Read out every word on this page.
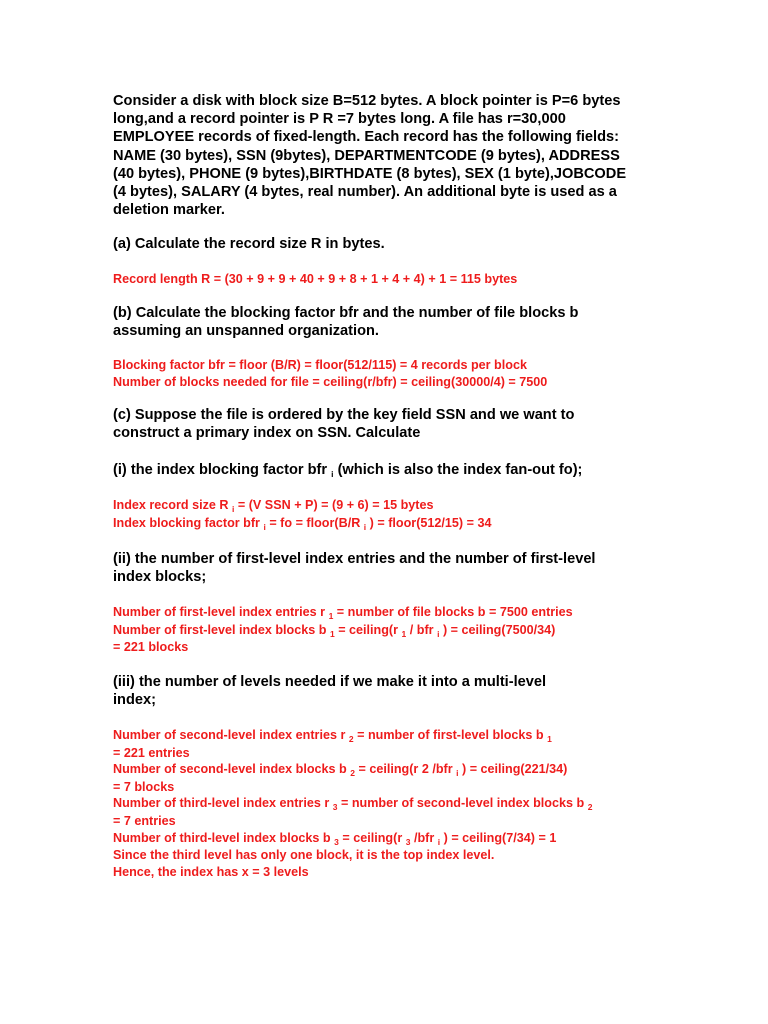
Consider a disk with block size B=512 bytes. A block pointer is P=6 bytes
long,and a record pointer is P R =7 bytes long. A file has r=30,000
EMPLOYEE records of fixed-length. Each record has the following fields:
NAME (30 bytes), SSN (9bytes), DEPARTMENTCODE (9 bytes), ADDRESS
(40 bytes), PHONE (9 bytes),BIRTHDATE (8 bytes), SEX (1 byte),JOBCODE
(4 bytes), SALARY (4 bytes, real number). An additional byte is used as a
deletion marker.
(a) Calculate the record size R in bytes.
Record length R = (30 + 9 + 9 + 40 + 9 + 8 + 1 + 4 + 4) + 1 = 115 bytes
(b) Calculate the blocking factor bfr and the number of file blocks b
assuming an unspanned organization.
Blocking factor bfr = floor (B/R) = floor(512/115) = 4 records per block
Number of blocks needed for file = ceiling(r/bfr) = ceiling(30000/4) = 7500
(c) Suppose the file is ordered by the key field SSN and we want to
construct a primary index on SSN. Calculate
(i) the index blocking factor bfr $_i$ (which is also the index fan-out fo);
Index record size R $_i$ = (V SSN + P) = (9 + 6) = 15 bytes
Index blocking factor bfr $_i$ = fo = floor(B/R $_i$ ) = floor(512/15) = 34
(ii) the number of first-level index entries and the number of first-level
index blocks;
Number of first-level index entries r $_1$ = number of file blocks b = 7500 entries
Number of first-level index blocks b $_1$ = ceiling(r $_1$ / bfr $_i$ ) = ceiling(7500/34)
= 221 blocks
(iii) the number of levels needed if we make it into a multi-level
index;
Number of second-level index entries r $_2$ = number of first-level blocks b $_1$
= 221 entries
Number of second-level index blocks b $_2$ = ceiling(r 2 /bfr $_i$ ) = ceiling(221/34)
= 7 blocks
Number of third-level index entries r $_3$ = number of second-level index blocks b $_2$
= 7 entries
Number of third-level index blocks b $_3$ = ceiling(r $_3$ /bfr $_i$ ) = ceiling(7/34) = 1
Since the third level has only one block, it is the top index level.
Hence, the index has x = 3 levels
